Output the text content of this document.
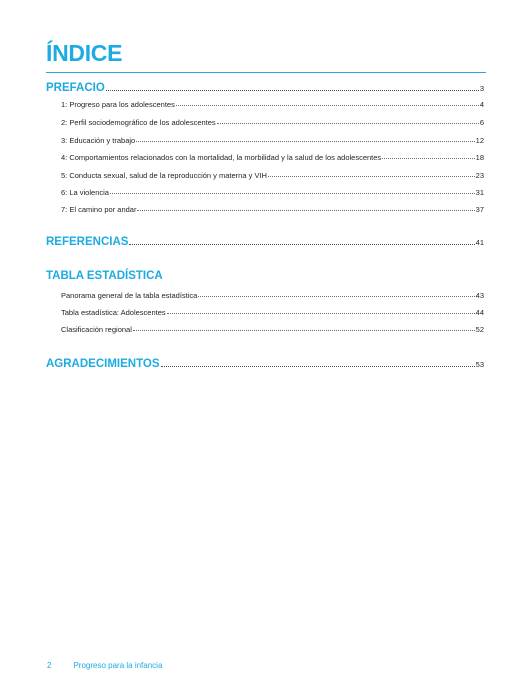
ÍNDICE
PREFACIO	3
1: Progreso para los adolescentes	4
2: Perfil sociodemográfico de los adolescentes	6
3: Educación y trabajo	12
4: Comportamientos relacionados con la mortalidad, la morbilidad y la salud de los adolescentes	18
5: Conducta sexual, salud de la reproducción y materna y VIH	23
6: La violencia	31
7: El camino por andar	37
REFERENCIAS	41
TABLA ESTADÍSTICA
Panorama general de la tabla estadística	43
Tabla estadística: Adolescentes	44
Clasificación regional	52
AGRADECIMIENTOS	53
2	Progreso para la infancia
